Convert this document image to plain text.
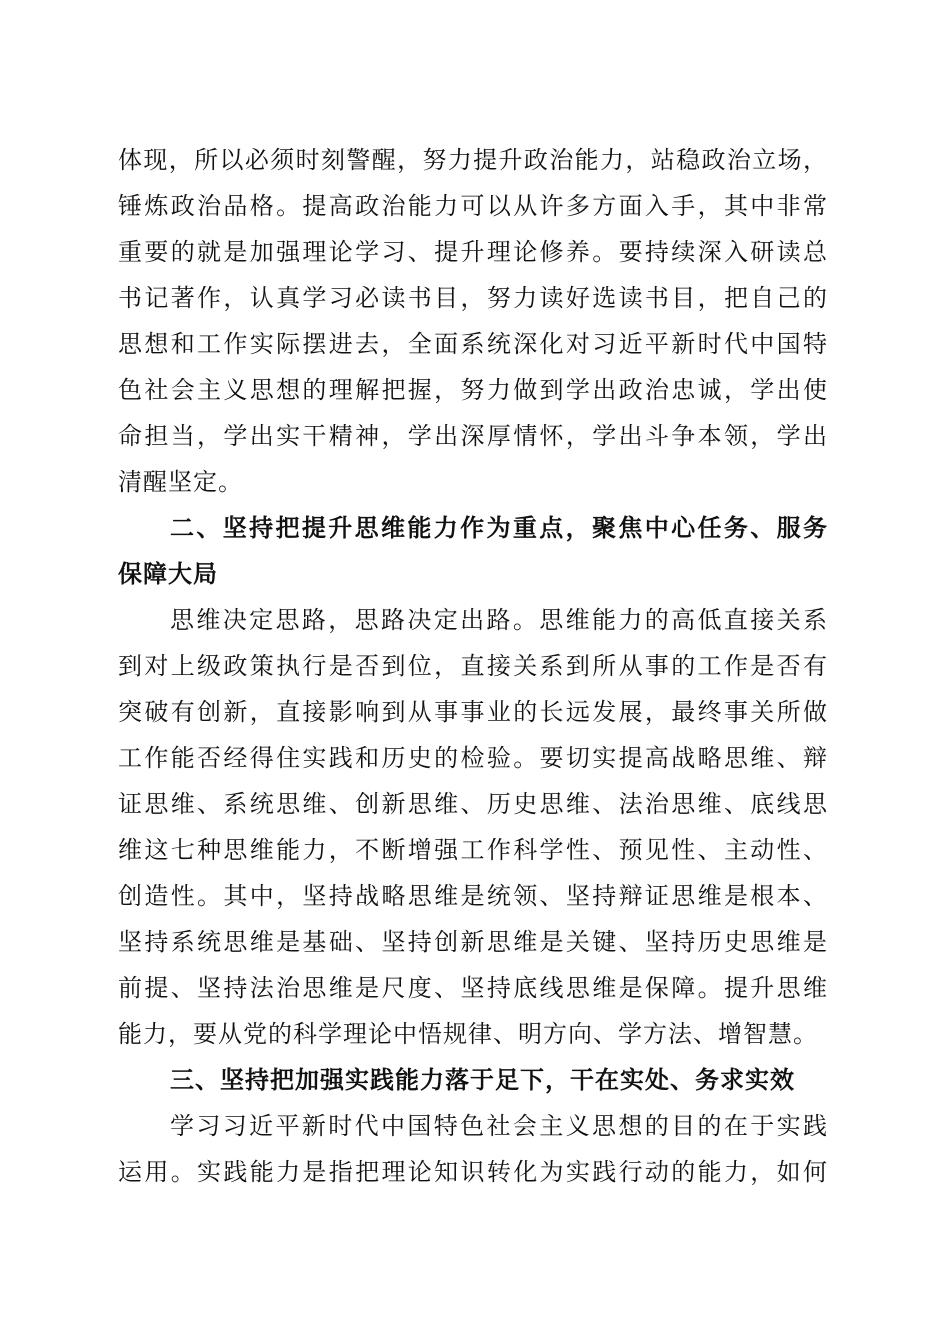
体现，所以必须时刻警醒，努力提升政治能力，站稳政治立场，
锤炼政治品格。提高政治能力可以从许多方面入手，其中非常
重要的就是加强理论学习、提升理论修养。要持续深入研读总
书记著作，认真学习必读书目，努力读好选读书目，把自己的
思想和工作实际摆进去，全面系统深化对习近平新时代中国特
色社会主义思想的理解把握，努力做到学出政治忠诚，学出使
命担当，学出实干精神，学出深厚情怀，学出斗争本领，学出
清醒坚定。
二、坚持把提升思维能力作为重点，聚焦中心任务、服务
保障大局
思维决定思路，思路决定出路。思维能力的高低直接关系
到对上级政策执行是否到位，直接关系到所从事的工作是否有
突破有创新，直接影响到从事事业的长远发展，最终事关所做
工作能否经得住实践和历史的检验。要切实提高战略思维、辩
证思维、系统思维、创新思维、历史思维、法治思维、底线思
维这七种思维能力，不断增强工作科学性、预见性、主动性、
创造性。其中，坚持战略思维是统领、坚持辩证思维是根本、
坚持系统思维是基础、坚持创新思维是关键、坚持历史思维是
前提、坚持法治思维是尺度、坚持底线思维是保障。提升思维
能力，要从党的科学理论中悟规律、明方向、学方法、增智慧。
三、坚持把加强实践能力落于足下，干在实处、务求实效
学习习近平新时代中国特色社会主义思想的目的在于实践
运用。实践能力是指把理论知识转化为实践行动的能力，如何
